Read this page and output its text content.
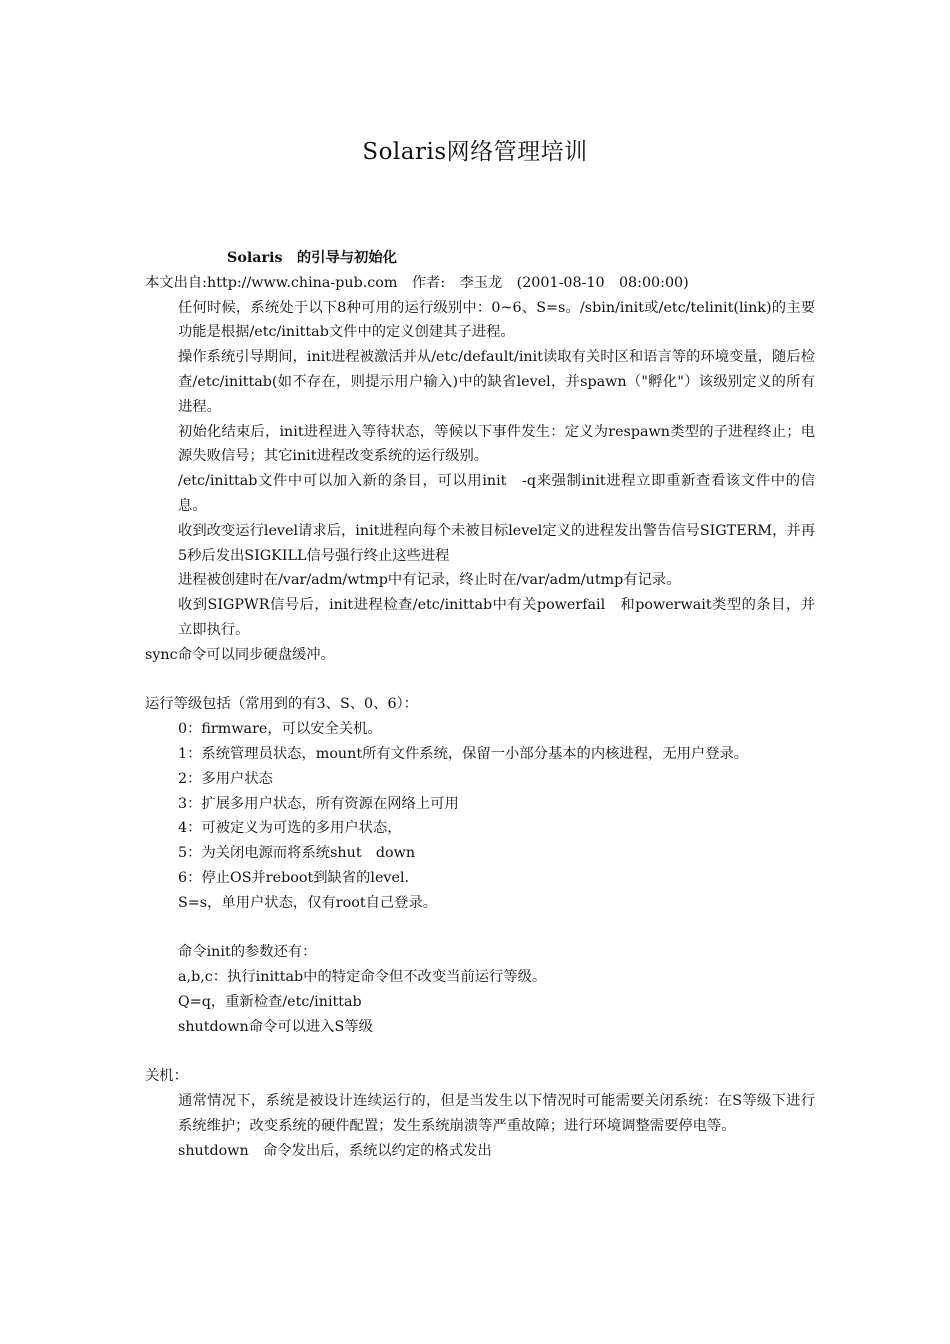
Solaris网络管理培训
Solaris　的引导与初始化
本文出自:http://www.china-pub.com　作者:　李玉龙　(2001-08-10　08:00:00)
任何时候，系统处于以下8种可用的运行级别中：0~6、S=s。/sbin/init或/etc/telinit(link)的主要功能是根据/etc/inittab文件中的定义创建其子进程。
操作系统引导期间，init进程被激活并从/etc/default/init读取有关时区和语言等的环境变量，随后检查/etc/inittab(如不存在，则提示用户输入)中的缺省level，并spawn（"孵化"）该级别定义的所有进程。
初始化结束后，init进程进入等待状态，等候以下事件发生：定义为respawn类型的子进程终止；电源失败信号；其它init进程改变系统的运行级别。
/etc/inittab文件中可以加入新的条目，可以用init　-q来强制init进程立即重新查看该文件中的信息。
收到改变运行level请求后，init进程向每个未被目标level定义的进程发出警告信号SIGTERM，并再5秒后发出SIGKILL信号强行终止这些进程
进程被创建时在/var/adm/wtmp中有记录，终止时在/var/adm/utmp有记录。
收到SIGPWR信号后，init进程检查/etc/inittab中有关powerfail　和powerwait类型的条目，并立即执行。
sync命令可以同步硬盘缓冲。
运行等级包括（常用到的有3、S、0、6）：
0：firmware，可以安全关机。
1：系统管理员状态，mount所有文件系统，保留一小部分基本的内核进程，无用户登录。
2：多用户状态
3：扩展多用户状态，所有资源在网络上可用
4：可被定义为可选的多用户状态，
5：为关闭电源而将系统shut　down
6：停止OS并reboot到缺省的level.
S=s，单用户状态，仅有root自己登录。
命令init的参数还有：
a,b,c：执行inittab中的特定命令但不改变当前运行等级。
Q=q，重新检查/etc/inittab
shutdown命令可以进入S等级
关机：
通常情况下，系统是被设计连续运行的，但是当发生以下情况时可能需要关闭系统：在S等级下进行系统维护；改变系统的硬件配置；发生系统崩溃等严重故障；进行环境调整需要停电等。
shutdown　命令发出后，系统以约定的格式发出
